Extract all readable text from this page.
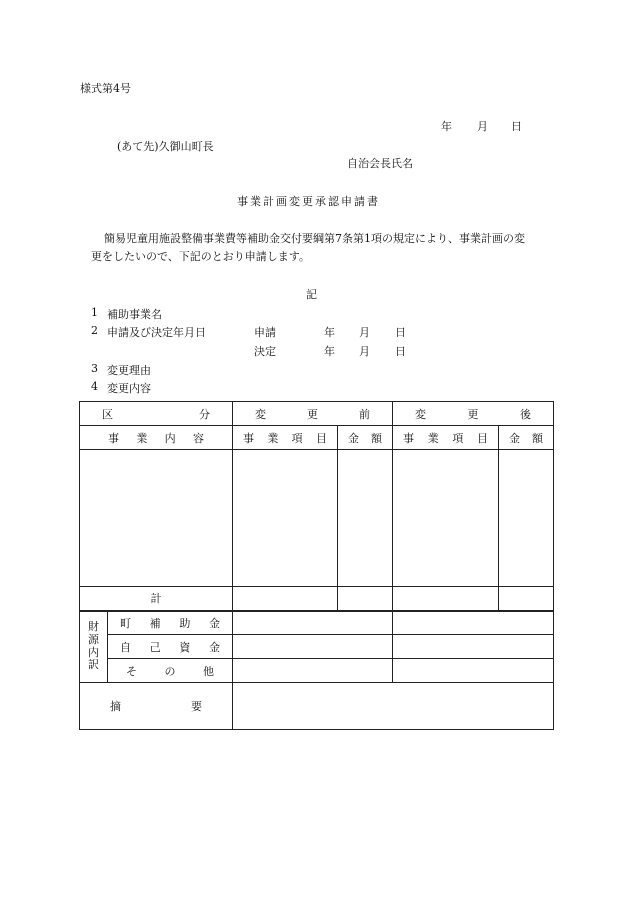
様式第4号
年 月 日
(あて先)久御山町長
自治会長氏名
事業計画変更承認申請書
簡易児童用施設整備事業費等補助金交付要綱第7条第1項の規定により、事業計画の変
更をしたいので、下記のとおり申請します。
記
1 補助事業名
2 申請及び決定年月日	申請	年 月 日
決定	年 月 日
3 変更理由
4 変更内容
区 分		変 更 前		変 更 後	

事 業 内 容		事 業 項 目	金 額	事 業 項 目	金 額

計					

財
源
内
訳	町 補 助 金				

	自 己 資 金				

	そ の 他				

摘 要					
